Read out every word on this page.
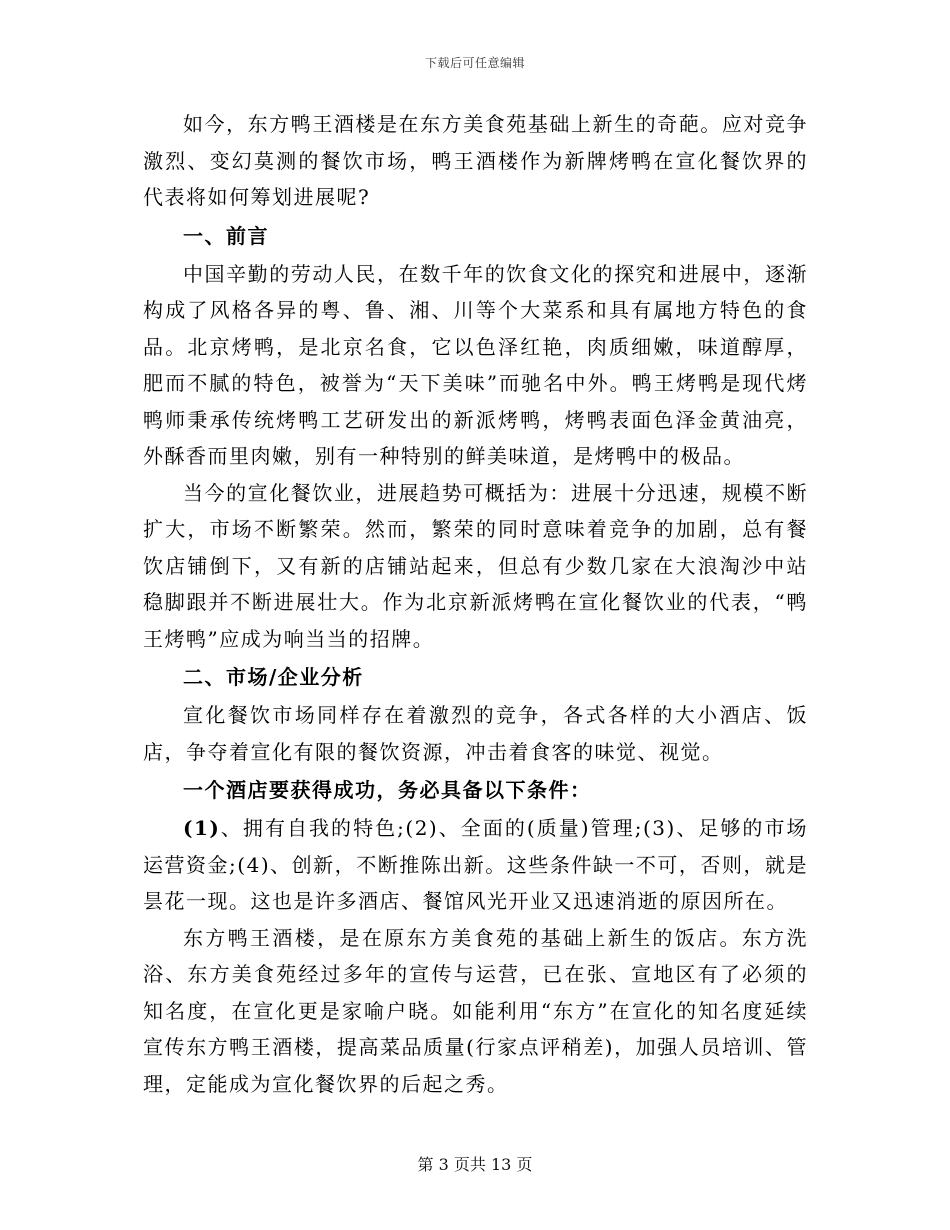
下载后可任意编辑

如今，东方鸭王酒楼是在东方美食苑基础上新生的奇葩。应对竞争激烈、变幻莫测的餐饮市场，鸭王酒楼作为新牌烤鸭在宣化餐饮界的代表将如何筹划进展呢?

一、前言

中国辛勤的劳动人民，在数千年的饮食文化的探究和进展中，逐渐构成了风格各异的粤、鲁、湘、川等个大菜系和具有属地方特色的食品。北京烤鸭，是北京名食，它以色泽红艳，肉质细嫩，味道醇厚，肥而不腻的特色，被誉为“天下美味”而驰名中外。鸭王烤鸭是现代烤鸭师秉承传统烤鸭工艺研发出的新派烤鸭，烤鸭表面色泽金黄油亮，外酥香而里肉嫩，别有一种特别的鲜美味道，是烤鸭中的极品。

当今的宣化餐饮业，进展趋势可概括为：进展十分迅速，规模不断扩大，市场不断繁荣。然而，繁荣的同时意味着竞争的加剧，总有餐饮店铺倒下，又有新的店铺站起来，但总有少数几家在大浪淘沙中站稳脚跟并不断进展壮大。作为北京新派烤鸭在宣化餐饮业的代表，“鸭王烤鸭”应成为响当当的招牌。

二、市场/企业分析

宣化餐饮市场同样存在着激烈的竞争，各式各样的大小酒店、饭店，争夺着宣化有限的餐饮资源，冲击着食客的味觉、视觉。

一个酒店要获得成功，务必具备以下条件：

(1)、拥有自我的特色;(2)、全面的(质量)管理;(3)、足够的市场运营资金;(4)、创新，不断推陈出新。这些条件缺一不可，否则，就是昙花一现。这也是许多酒店、餐馆风光开业又迅速消逝的原因所在。

东方鸭王酒楼，是在原东方美食苑的基础上新生的饭店。东方洗浴、东方美食苑经过多年的宣传与运营，已在张、宣地区有了必须的知名度，在宣化更是家喻户晓。如能利用“东方”在宣化的知名度延续宣传东方鸭王酒楼，提高菜品质量(行家点评稍差)，加强人员培训、管理，定能成为宣化餐饮界的后起之秀。

第 3 页共 13 页
